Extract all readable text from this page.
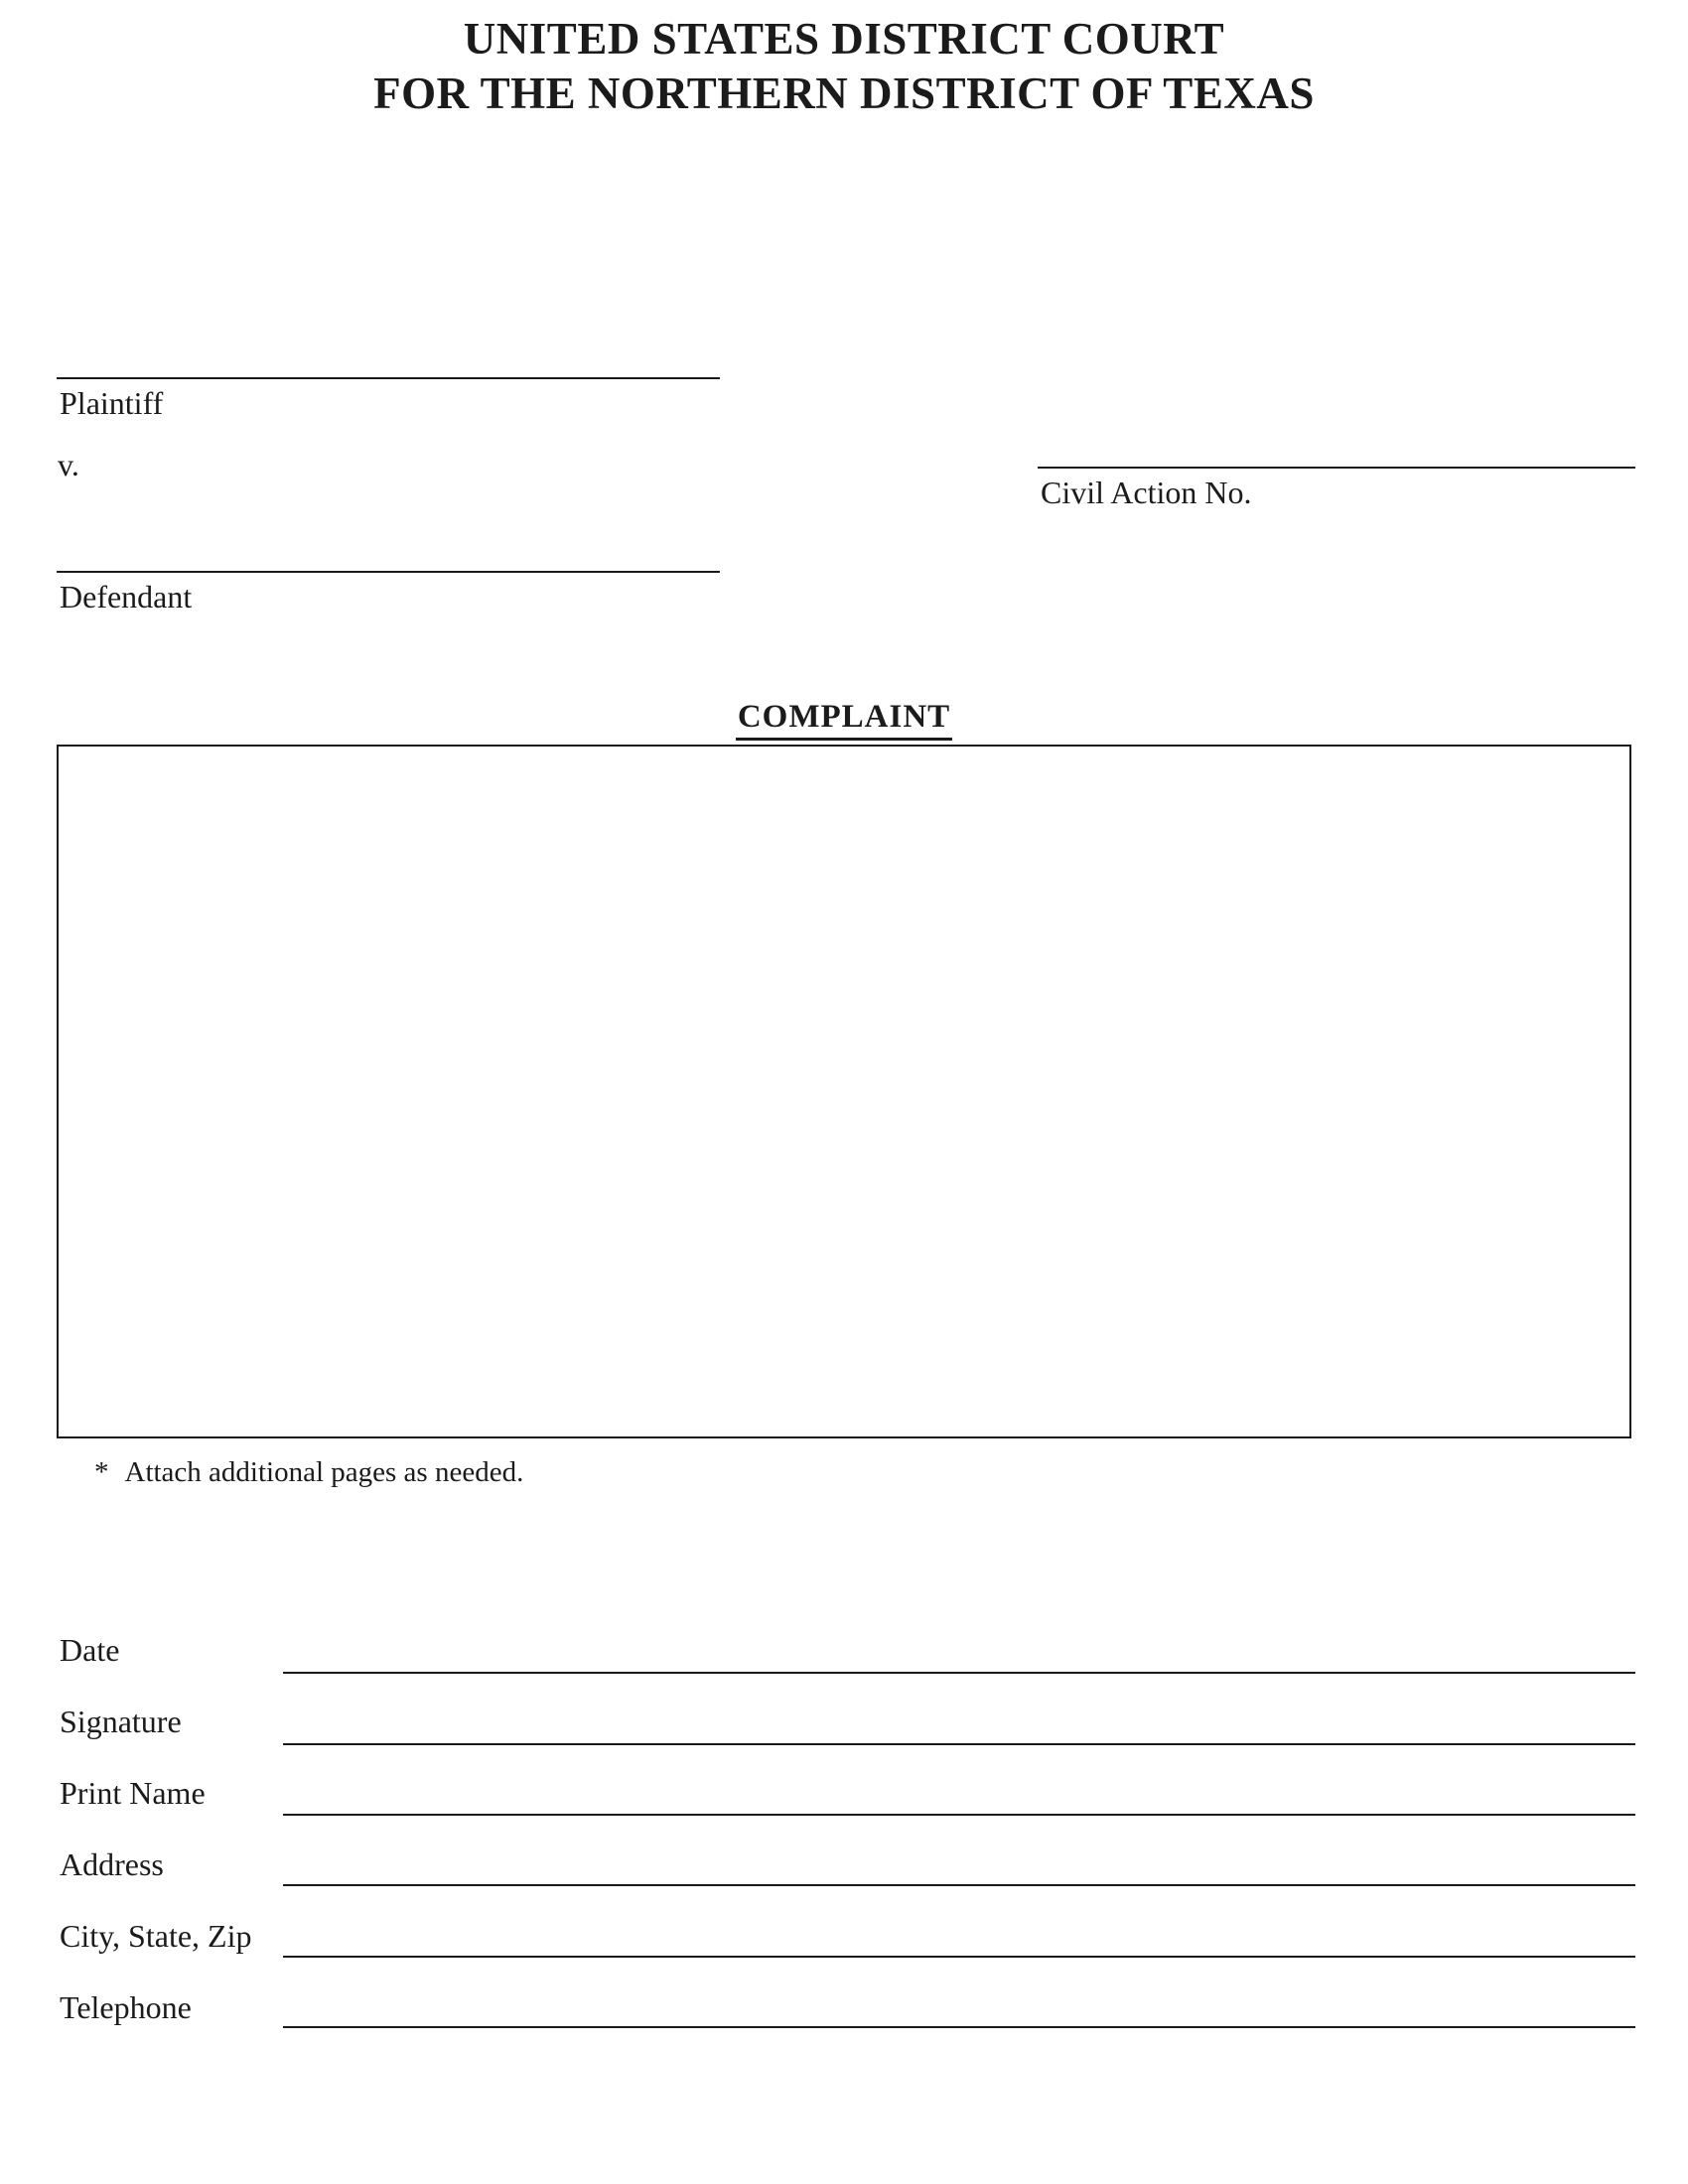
UNITED STATES DISTRICT COURT
FOR THE NORTHERN DISTRICT OF TEXAS
Plaintiff
v.
Civil Action No.
Defendant
COMPLAINT
* Attach additional pages as needed.
Date
Signature
Print Name
Address
City, State, Zip
Telephone
